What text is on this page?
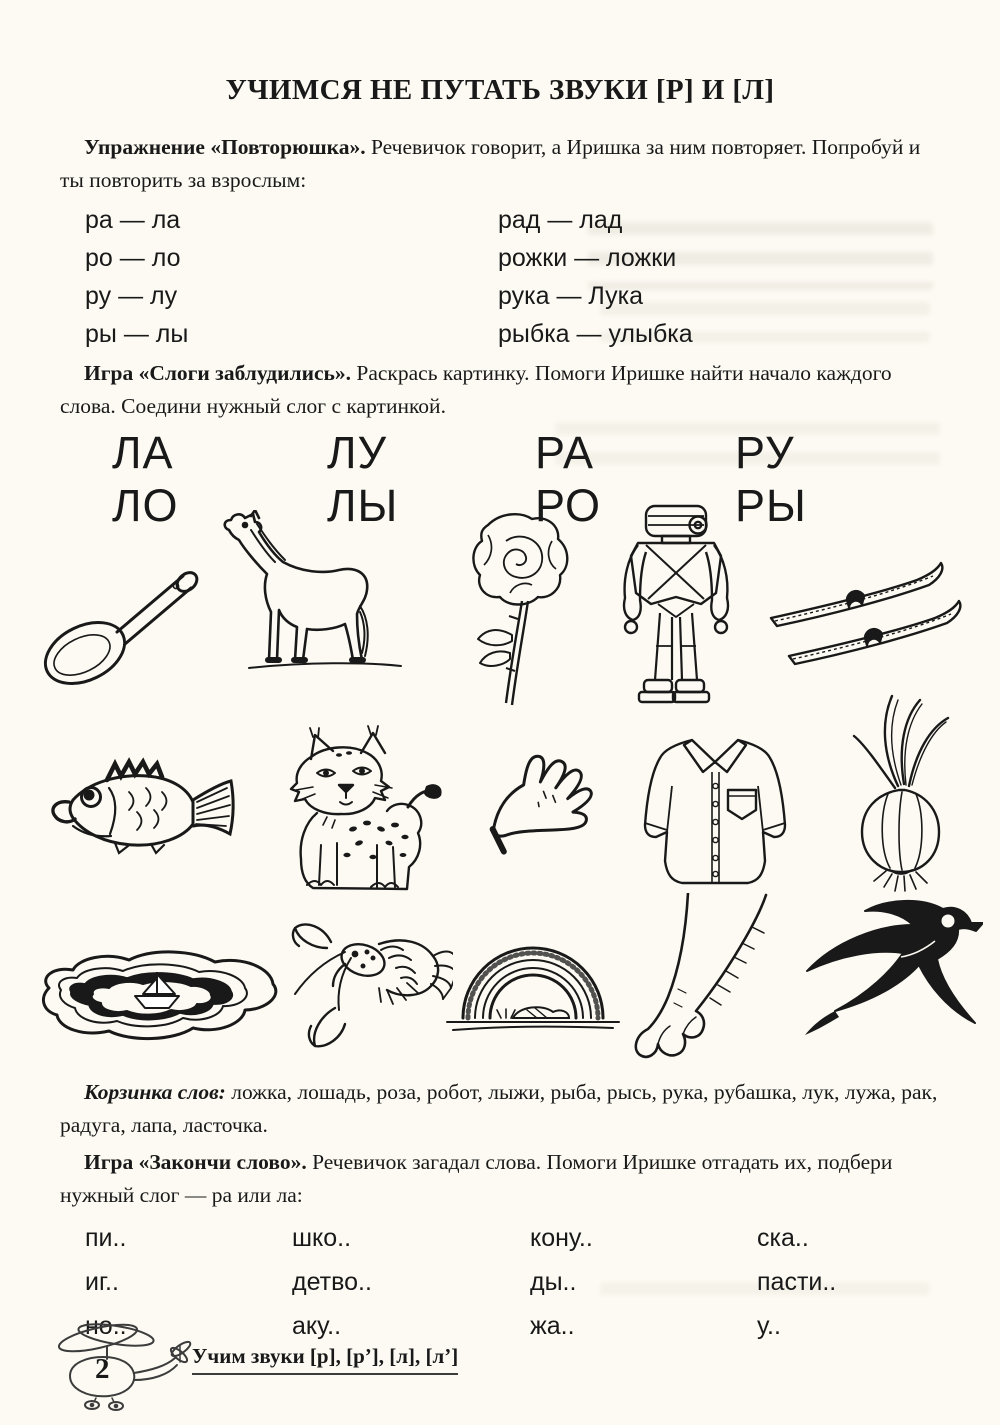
УЧИМСЯ НЕ ПУТАТЬ ЗВУКИ [Р] И [Л]

Упражнение «Повторюшка». Речевичок говорит, а Иришка за ним повторяет. Попробуй и ты повторить за взрослым:

ра — ла
ро — ло
ру — лу
ры — лы
рад — лад
рожки — ложки
рука — Лука
рыбка — улыбка

Игра «Слоги заблудились». Раскрась картинку. Помоги Иришке найти начало каждого слова. Соедини нужный слог с картинкой.

ЛА
ЛО
ЛУ
ЛЫ
РА
РО
РУ
РЫ

Корзинка слов: ложка, лошадь, роза, робот, лыжи, рыба, рысь, рука, рубашка, лук, лужа, рак, радуга, лапа, ласточка.

Игра «Закончи слово». Речевичок загадал слова. Помоги Иришке отгадать их, подбери нужный слог — ра или ла:

пи..
иг..
но..
шко..
детво..
аку..
кону..
ды..
жа..
ска..
пасти..
у..
2	Учим звуки [р], [р’], [л], [л’]
